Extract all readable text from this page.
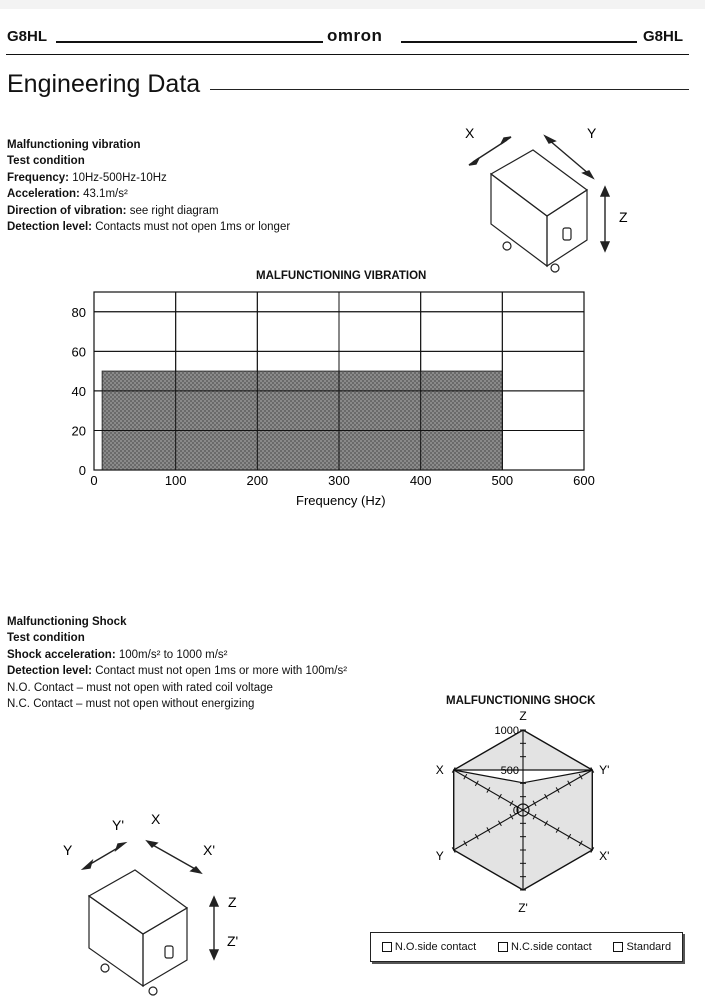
G8HL	omron	G8HL
Engineering Data
Malfunctioning vibration
Test condition
Frequency: 10Hz-500Hz-10Hz
Acceleration: 43.1m/s²
Direction of vibration: see right diagram
Detection level: Contacts must not open 1ms or longer
X	Y
Z
MALFUNCTIONING VIBRATION
0	100	200	300	400	500	600
0
20
40
60
80
Frequency (Hz)
Malfunctioning Shock
Test condition
Shock acceleration: 100m/s² to 1000 m/s²
Detection level: Contact must not open 1ms or more with 100m/s²
N.O. Contact – must not open with rated coil voltage
N.C. Contact – must not open without energizing
Y
Y' X
X'
Z
Z'
MALFUNCTIONING SHOCK
Z
Y'
X'
Z'
Y
X
0
500
1000
N.O.side contact	N.C.side contact	Standard
